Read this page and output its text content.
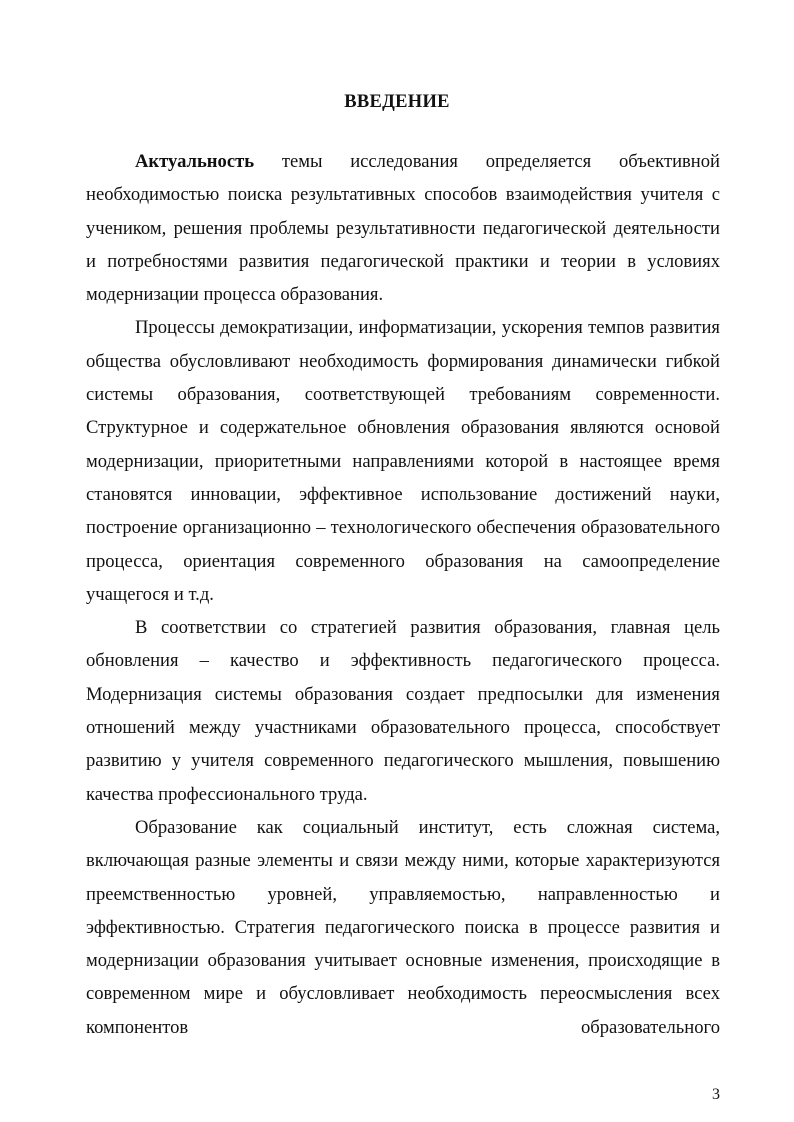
ВВЕДЕНИЕ

Актуальность темы исследования определяется объективной необходимостью поиска результативных способов взаимодействия учителя с учеником, решения проблемы результативности педагогической деятельности и потребностями развития педагогической практики и теории в условиях модернизации процесса образования.

Процессы демократизации, информатизации, ускорения темпов развития общества обусловливают необходимость формирования динамически гибкой системы образования, соответствующей требованиям современности. Структурное и содержательное обновления образования являются основой модернизации, приоритетными направлениями которой в настоящее время становятся инновации, эффективное использование достижений науки, построение организационно – технологического обеспечения образовательного процесса, ориентация современного образования на самоопределение учащегося и т.д.

В соответствии со стратегией развития образования, главная цель обновления – качество и эффективность педагогического процесса. Модернизация системы образования создает предпосылки для изменения отношений между участниками образовательного процесса, способствует развитию у учителя современного педагогического мышления, повышению качества профессионального труда.

Образование как социальный институт, есть сложная система, включающая разные элементы и связи между ними, которые характеризуются преемственностью уровней, управляемостью, направленностью и эффективностью. Стратегия педагогического поиска в процессе развития и модернизации образования учитывает основные изменения, происходящие в современном мире и обусловливает необходимость переосмысления всех компонентов образовательного

3
